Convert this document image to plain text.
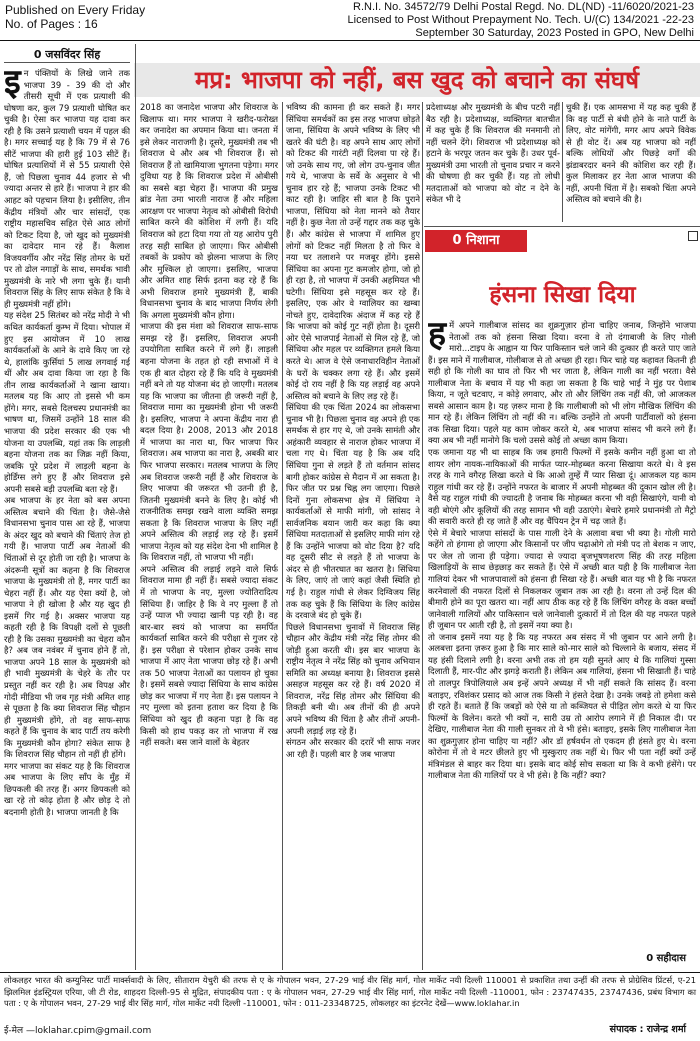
Published on Every Friday
No. of Pages : 16
R.N.I. No. 34572/79 Delhi Postal Regd. No. DL(ND) -11/6020/2021-23
Licensed to Post Without Prepayment No. Tech. U/(C) 134/2021 -22-23
September 30 Saturday, 2023 Posted in GPO, New Delhi
0 जसविंदर सिंह
मप्र: भाजपा को नहीं, बस खुद को बचाने का संघर्ष

इन पंक्तियों के लिखे जाने तक भाजपा 39 - 39 की दो और तीसरी सूची में एक प्रत्याशी की घोषणा कर, कुल 79 प्रत्याशी घोषित कर चुकी है। ऐसा कर भाजपा यह दावा कर रही है कि उसने प्रत्याशी चयन में पहल की है। मगर सच्चाई यह है कि 79 में से 76 सीटें भाजपा की हारी हुई 103 सीटें हैं। घोषित प्रत्याशियों में से 55 प्रत्याशी ऐसे हैं, जो पिछला चुनाव 44 हजार से भी ज्यादा अन्तर से हारे हैं। भाजपा ने हार की आहट को पहचान लिया है। इसीलिए, तीन केंद्रीय मंत्रियों और चार सांसदों, एक राष्ट्रीय महासचिव सहित ऐसे आठ लोगों को टिकट दिया है, जो खुद को मुख्यमंत्री का दावेदार मान रहे हैं। कैलाश विजयवर्गीय और नरेंद्र सिंह तोमर के घरों पर तो ढोल नगाड़ों के साथ, समर्थक भावी मुख्यमंत्री के नारे भी लगा चुके हैं। यानी शिवराज सिंह के लिए साफ संकेत है कि वे ही मुख्यमंत्री नहीं होंगे।

यह संदेश 25 सितंबर को नरेंद्र मोदी ने भी कथित कार्यकर्ता कुम्भ में दिया। भोपाल में हुए इस आयोजन में 10 लाख कार्यकर्ताओं के आने के दावे किए जा रहे थे, हालांकि कुर्सियां 5 लाख लगवाई गई थीं और अब दावा किया जा रहा है कि तीन लाख कार्यकर्ताओं ने खाना खाया। मतलब यह कि आए तो इससे भी कम होंगे। मगर, सबसे दिलचस्प प्रधानमंत्री का भाषण था, जिसमें उन्होंने 18 साल की भाजपा की प्रदेश सरकार की एक भी योजना या उपलब्धि, यहां तक कि लाड़ली बहना योजना तक का जिक्र नहीं किया, जबकि पूरे प्रदेश में लाड़ली बहना के होर्डिंग्स लगे हुए हैं और शिवराज इसे अपनी सबसे बड़ी उपलब्धि बता रहे हैं।

अब भाजपा के हर नेता को बस अपना अस्तित्व बचाने की चिंता है। जैसे-जैसे विधानसभा चुनाव पास आ रहे हैं, भाजपा के अंदर खुद को बचाने की चिंताएं तेज हो गयी हैं। भाजपा पार्टी अब नेताओं की चिंताओं से दूर होती जा रही है। भाजपा के अंदरूनी सूत्रों का कहना है कि शिवराज भाजपा के मुख्यमंत्री तो हैं, मगर पार्टी का चेहरा नहीं हैं। और यह ऐसा क्यों है, जो भाजपा ने ही खोजा है और यह खुद ही इसमें गिर गई है। अक्सर भाजपा यह कहती रही है कि विपक्षी दलों से पूछती रही है कि उसका मुख्यमंत्री का चेहरा कौन है? अब जब नवंबर में चुनाव होने हैं तो, भाजपा अपने 18 साल के मुख्यमंत्री को ही भावी मुख्यमंत्री के चेहरे के तौर पर प्रस्तुत नहीं कर रही है। अब विपक्ष और गोदी मीडिया भी जब गृह मंत्री अमित शाह से पूछता है कि क्या शिवराज सिंह चौहान ही मुख्यमंत्री होंगे, तो वह साफ-साफ कहते हैं कि चुनाव के बाद पार्टी तय करेगी कि मुख्यमंत्री कौन होगा? संकेत साफ है कि शिवराज सिंह चौहान तो नहीं ही होंगे।

मगर भाजपा का संकट यह है कि शिवराज अब भाजपा के लिए साँप के मुँह में छिपकली की तरह हैं। अगर छिपकली को खा रहे तो कोढ़ होता है और छोड़ दे तो बदनामी होती है। भाजपा जानती है कि

2018 का जनादेश भाजपा और शिवराज के खिलाफ था। मगर भाजपा ने खरीद-फरोख्त कर जनादेश का अपमान किया था। जनता में इसे लेकर नाराजगी है। दूसरे, मुख्यमंत्री तब भी शिवराज थे और अब भी शिवराज हैं। सो शिवराज हैं तो खामियाजा भुगतना पड़ेगा। मगर दुविधा यह है कि शिवराज प्रदेश में ओबीसी का सबसे बड़ा चेहरा हैं। भाजपा की प्रमुख ब्रांड नेता उमा भारती नाराज हैं और महिला आरक्षण पर भाजपा नेतृत्व को ओबीसी विरोधी साबित करने की कोशिश में लगी हैं। यदि शिवराज को हटा दिया गया तो यह आरोप पुरी तरह सही साबित हो जाएगा। फिर ओबीसी तबकों के प्रकोप को झेलना भाजपा के लिए और मुश्किल हो जाएगा। इसलिए, भाजपा और अमित शाह सिर्फ इतना कह रहे हैं कि अभी शिवराज हमारे मुख्यमंत्री हैं, बाकी विधानसभा चुनाव के बाद भाजपा निर्णय लेगी कि अगला मुख्यमंत्री कौन होगा।

भाजपा की इस मंशा को शिवराज साफ-साफ समझ रहे हैं। इसलिए, शिवराज अपनी उपयोगिता साबित करने में लगे हैं। लाड़ली बहना योजना के तहत हो रही सभाओं में वे एक ही बात दोहरा रहे हैं कि यदि वे मुख्यमंत्री नहीं बने तो यह योजना बंद हो जाएगी। मतलब यह कि भाजपा का जीतना ही जरूरी नहीं है, शिवराज मामा का मुख्यमंत्री होना भी जरूरी है। इसलिए, भाजपा ने अपना केंद्रीय नारा ही बदल दिया है। 2008, 2013 और 2018 में भाजपा का नारा था, फिर भाजपा फिर शिवराज। अब भाजपा का नारा है, अबकी बार फिर भाजपा सरकार। मतलब भाजपा के लिए अब शिवराज जरूरी नहीं हैं और शिवराज के लिए भाजपा की जरूरत भी उतनी ही है, जितनी मुख्यमंत्री बनने के लिए है। कोई भी राजनीतिक समझ रखने वाला व्यक्ति समझ सकता है कि शिवराज भाजपा के लिए नहीं अपने अस्तित्व की लड़ाई लड़ रहे हैं। इसमें भाजपा नेतृत्व को यह संदेश देना भी शामिल है कि शिवराज नहीं, तो भाजपा भी नहीं।

अपने अस्तित्व की लड़ाई लड़ने वाले सिर्फ शिवराज मामा ही नहीं हैं। सबसे ज्यादा संकट में तो भाजपा के नए, मुल्ला ज्योतिरादित्य सिंधिया हैं। जाहिर है कि वे नए मुल्ला हैं तो उन्हें प्याज भी ज्यादा खानी पड़ रही है। वह बार-बार स्वयं को भाजपा का समर्पित कार्यकर्ता साबित करने की परीक्षा से गुजर रहे हैं। इस परीक्षा से परेशान होकर उनके साथ भाजपा में आए नेता भाजपा छोड़ रहे हैं। अभी तक 50 भाजपा नेताओं का पलायन हो चुका है। इसमें सबसे ज्यादा सिंधिया के साथ कांग्रेस छोड़ कर भाजपा में गए नेता हैं। इस पलायन ने नए मुल्ला को इतना हताश कर दिया है कि सिंधिया को खुद ही कहना पड़ा है कि वह किसी को हाथ पकड़ कर तो भाजपा में रख नहीं सकते। बस जाने वालों के बेहतर

भविष्य की कामना ही कर सकते हैं। मगर सिंधिया समर्थकों का इस तरह भाजपा छोड़ते जाना, सिंधिया के अपने भविष्य के लिए भी खतरे की घंटी है। वह अपने साथ आए लोगों को टिकट की गारंटी नहीं दिलवा पा रहे हैं। जो उनके साथ गए, जो लोग उप-चुनाव जीत गये थे, भाजपा के सर्वे के अनुसार वे भी चुनाव हार रहे हैं; भाजपा उनके टिकट भी काट रही है। जाहिर सी बात है कि पुराने भाजपा, सिंधिया को नेता मानने को तैयार नहीं है। कुछ नेता तो उन्हें गद्दार तक कह चुके हैं। और कांग्रेस से भाजपा में शामिल हुए लोगों को टिकट नहीं मिलता है तो फिर वे नया घर तलाशने पर मजबूर होंगे। इससे सिंधिया का अपना गुट कमजोर होगा, जो हो ही रहा है, तो भाजपा में उनकी अहमियत भी घटेगी। सिंधिया इसे महसूस कर रहे हैं। इसलिए, एक ओर वे ग्वालियर का खम्बा नोचते हुए, दावेदारिक अंदाज में कह रहे हैं कि भाजपा को कोई गुट नहीं होता है। दूसरी ओर ऐसे भाजपाई नेताओं से मिल रहे हैं, जो सिंधिया और महल पर व्यक्तिगत हमले किया करते थे। आज वे ऐसे जनाधारविहीन नेताओं के घरों के चक्कर लगा रहे हैं। और इसमें कोई दो राय नहीं है कि यह लड़ाई वह अपने अस्तित्व को बचाने के लिए लड़ रहे हैं।

सिंधिया की एक चिंता 2024 का लोकसभा चुनाव भी है। पिछला चुनाव वह अपने ही एक समर्थक से हार गए थे, जो उनके सामंती और अहंकारी व्यवहार से नाराज होकर भाजपा में चला गए थे। चिंता यह है कि अब यदि सिंधिया गुना से लड़ते हैं तो वर्तमान सांसद बागी होकर कांग्रेस से मैदान में आ सकता है। फिर जीत पर प्रश्न चिह्न लग जाएगा। पिछले दिनों गुना लोकसभा क्षेत्र में सिंधिया ने कार्यकर्ताओं से माफी मांगी, जो सांसद ने सार्वजनिक बयान जारी कर कहा कि क्या सिंधिया मतदाताओं से इसलिए माफी मांग रहे हैं कि उन्होंने भाजपा को वोट दिया है? यदि वह दूसरी सीट से लड़ते हैं तो भाजपा के अंदर से ही भीतरघात का खतरा है। सिंधिया के लिए, जाएं तो जाएं कहां जैसी स्थिति हो गई है। राहुल गांधी से लेकर दिग्विजय सिंह तक कह चुके हैं कि सिंधिया के लिए कांग्रेस के दरवाजे बंद हो चुके हैं।

पिछले विधानसभा चुनावों में शिवराज सिंह चौहान और केंद्रीय मंत्री नरेंद्र सिंह तोमर की जोड़ी हुआ करती थी। इस बार भाजपा के राष्ट्रीय नेतृत्व ने नरेंद्र सिंह को चुनाव अभियान समिति का अध्यक्ष बनाया है। शिवराज इससे असहज महसूस कर रहे हैं। वर्ष 2020 में शिवराज, नरेंद्र सिंह तोमर और सिंधिया की तिकड़ी बनी थी। अब तीनों की ही अपने अपने भविष्य की चिंता है और तीनों अपनी-अपनी लड़ाई लड़ रहे हैं।

संगठन और सरकार की दरारें भी साफ नजर आ रही हैं। पहली बार है जब भाजपा

प्रदेशाध्यक्ष और मुख्यमंत्री के बीच पटरी नहीं बैठ रही है। प्रदेशाध्यक्ष, व्यक्तिगत बातचीत में कह चुके हैं कि शिवराज की मनमानी तो नहीं चलने देंगे। शिवराज भी प्रदेशाध्यक्ष को हटाने के भरपूर जतन कर चुके हैं। उधर पूर्व-मुख्यमंत्री उमा भारती तो चुनाव प्रचार न करने की घोषणा ही कर चुकी हैं। यह तो लोधी मतदाताओं को भाजपा को वोट न देने के संकेत भी दे

चुकी हैं। एक आमसभा में यह कह चुकी हैं कि वह पार्टी से बंधी होने के नाते पार्टी के लिए, वोट मांगेंगी, मगर आप अपने विवेक से ही वोट दें। अब यह भाजपा को नहीं बल्कि लोधियों और पिछड़े वर्गों की झंडाबरदार बनने की कोशिश कर रही हैं। कुल मिलाकर हर नेता आज भाजपा की नहीं, अपनी चिंता में है। सबको चिंता अपने अस्तित्व को बचाने की है।

0 निशाना
हंसना सिखा दिया

हमें अपने गालीबाज सांसद का शुक्रगुज़ार होना चाहिए जनाब, जिन्होंने भाजपा नेताओं तक को हंसना सिखा दिया। वरना वे तो दंगाबाजी के लिए गोली मारो...टाइप के आह्वान या फिर पाकिस्तान चले जाने की दुत्कार ही करते पाए जाते हैं। इस माने में गालीबाज, गोलीबाज से तो अच्छा ही रहा। फिर चाहे यह कहावत कितनी ही सही हो कि गोली का घाव तो फिर भी भर जाता है, लेकिन गाली का नहीं भरता। वैसे गालीबाज नेता के बचाव में यह भी कहा जा सकता है कि चाहे भाई ने मुंह पर पेशाब किया, न जूते चटवाए, न कोड़े लगवाए, और तो और लिंचिंग तक नहीं की, जो आजकल सबसे आसान काम है। यह ज़रूर माना है कि गालीबाजी को भी लोग मौखिक लिंचिंग की मान रहे हैं। लेकिन लिंचिंग तो नहीं की न। बल्कि उन्होंने तो अपनी पार्टीवालों को हंसना तक सिखा दिया। पहले यह काम जोकर करते थे, अब भाजपा सांसद भी करने लगे हैं। क्या अब भी नहीं मानोगे कि चलो उससे कोई तो अच्छा काम किया।

एक जमाना यह भी था साहब कि जब हमारी फिल्मों में इसके कमीन नहीं हुआ था तो शायर लोग नायक-नायिकाओं की मार्फत प्यार-मोहब्बत करना सिखाया करते थे। वे इस तरह के गाने वगैरह लिखा करते थे कि आओ तुम्हें मैं प्यार सिखा दूं। आजकल यह काम राहुल गांधी कर रहे हैं। उन्होंने नफरत के बाजार में अपनी मोहब्बत की दुकान खोल ली है। वैसे यह राहुल गांधी की ज्यादती है जनाब कि मोहब्बत करना भी वही सिखाएंगे, यानी वो वही बोएंगे और कूलियों की तरह सामान भी वही उठाएंगे। बेचारे हमारे प्रधानमंत्री तो मैट्रो की सवारी करते ही रह जाते हैं और वह चैंपियन ट्रेन में चढ़ जाते हैं।

ऐसे में बेचारे भाजपा सांसदों के पास गाली देने के अलावा बचा भी क्या है। गोली मारो कहेंगे तो हंगामा हो जाएगा और किसानों पर जीप चढ़ाओगे तो मंत्री पद तो बेशक न जाए, पर जेल तो जाना ही पड़ेगा। ज्यादा से ज्यादा बृजभूषणशरण सिंह की तरह महिला खिलाड़ियों के साथ छेड़छाड़ कर सकते हैं। ऐसे में अच्छी बात यही है कि गालीबाज नेता गालियां देकर भी भाजपावालों को हंसना ही सिखा रहे हैं। अच्छी बात यह भी है कि नफरत करनेवालों की नफरत दिलों से निकलकर जुबान तक आ रही है। वरना तो उन्हें दिल की बीमारी होने का पूरा खतरा था। नहीं आप ठीक कह रहे हैं कि लिंचिंग वगैरह के वक्त बच्चों जानेवाली गालियों और पाकिस्तान चले जानेवाली दुत्कारों में तो दिल की यह नफरत पहले ही जुबान पर आती रही है, तो इसमें नया क्या है।

तो जनाब इसमें नया यह है कि यह नफरत अब संसद में भी जुबान पर आने लगी है। अलबत्ता इतना ज़रूर हुआ है कि मार साले को-मार साले को चिल्लाने के बजाय, संसद में यह हंसी दिलाने लगी है। वरना अभी तक तो हम यही सुनते आए थे कि गालियां गुस्सा दिलाती हैं, मार-पीट और झगड़े कराती हैं। लेकिन अब गालियां, हंसना भी सिखाती हैं। चाहे तो तालपुर त्रिपोलियाले अब इन्हें अपने अध्यक्ष में भी नहीं सकते कि सांसद हैं। वरना बताइए, रविशंकर प्रसाद को आज तक किसी ने हंसते देखा है। उनके जबड़े तो हमेशा कसे ही रहते हैं। बताते हैं कि जबड़ों को ऐसे या तो कब्जियत से पीड़ित लोग करते थे या फिर फिल्मों के विलेन। करते भी क्यों न, सारी उम्र तो आरोप लगाने में ही निकाल दी। पर देखिए, गालीबाज नेता की गाली सुनकर तो वे भी हंसे। बताइए, इसके लिए गालीबाज नेता का शुक्रगुज़ार होना चाहिए या नहीं? और डॉ हर्षवर्धन तो एकदम ही हंसते हुए थे। वरना कोरोना में तो वे मटर छीलते हुए भी मुस्कुराए तक नहीं थे। फिर भी पता नहीं क्यों उन्हें मंत्रिमंडल से बाहर कर दिया था। इसके बाद कोई सोच सकता था कि वे कभी हंसेंगे। पर गालीबाज नेता की गालियों पर वे भी हंसे। है कि नहीं? क्या?

0 सहीदास
लोकलहर भारत की कम्युनिस्ट पार्टी मार्क्सवादी के लिए, सीताराम येचुरी की तरफ से ए के गोपालन भवन, 27-29 भाई वीर सिंह मार्ग, गोल मार्केट नयी दिल्ली 110001 से प्रकाशित तथा उन्हीं की तरफ से प्रोग्रेसिव प्रिंटर्स, ए-21 झिलमिल इंडस्ट्रियल एरिया, जी टी रोड, शाहदरा दिल्ली-95 से मुद्रित, संपादकीय पता : ए के गोपालन भवन, 27-29 भाई वीर सिंह मार्ग, गोल मार्केट नयी दिल्ली -110001, फोन : 23747435, 23747436, प्रबंध विभाग का पता : ए के गोपालन भवन, 27-29 भाई वीर सिंह मार्ग, गोल मार्केट नयी दिल्ली -110001, फोन : 011-23348725, लोकलहर का इंटरनेट देखें—www.loklahar.in
ई-मेल —loklahar.cpim@gmail.com	संपादक : राजेन्द्र शर्मा
